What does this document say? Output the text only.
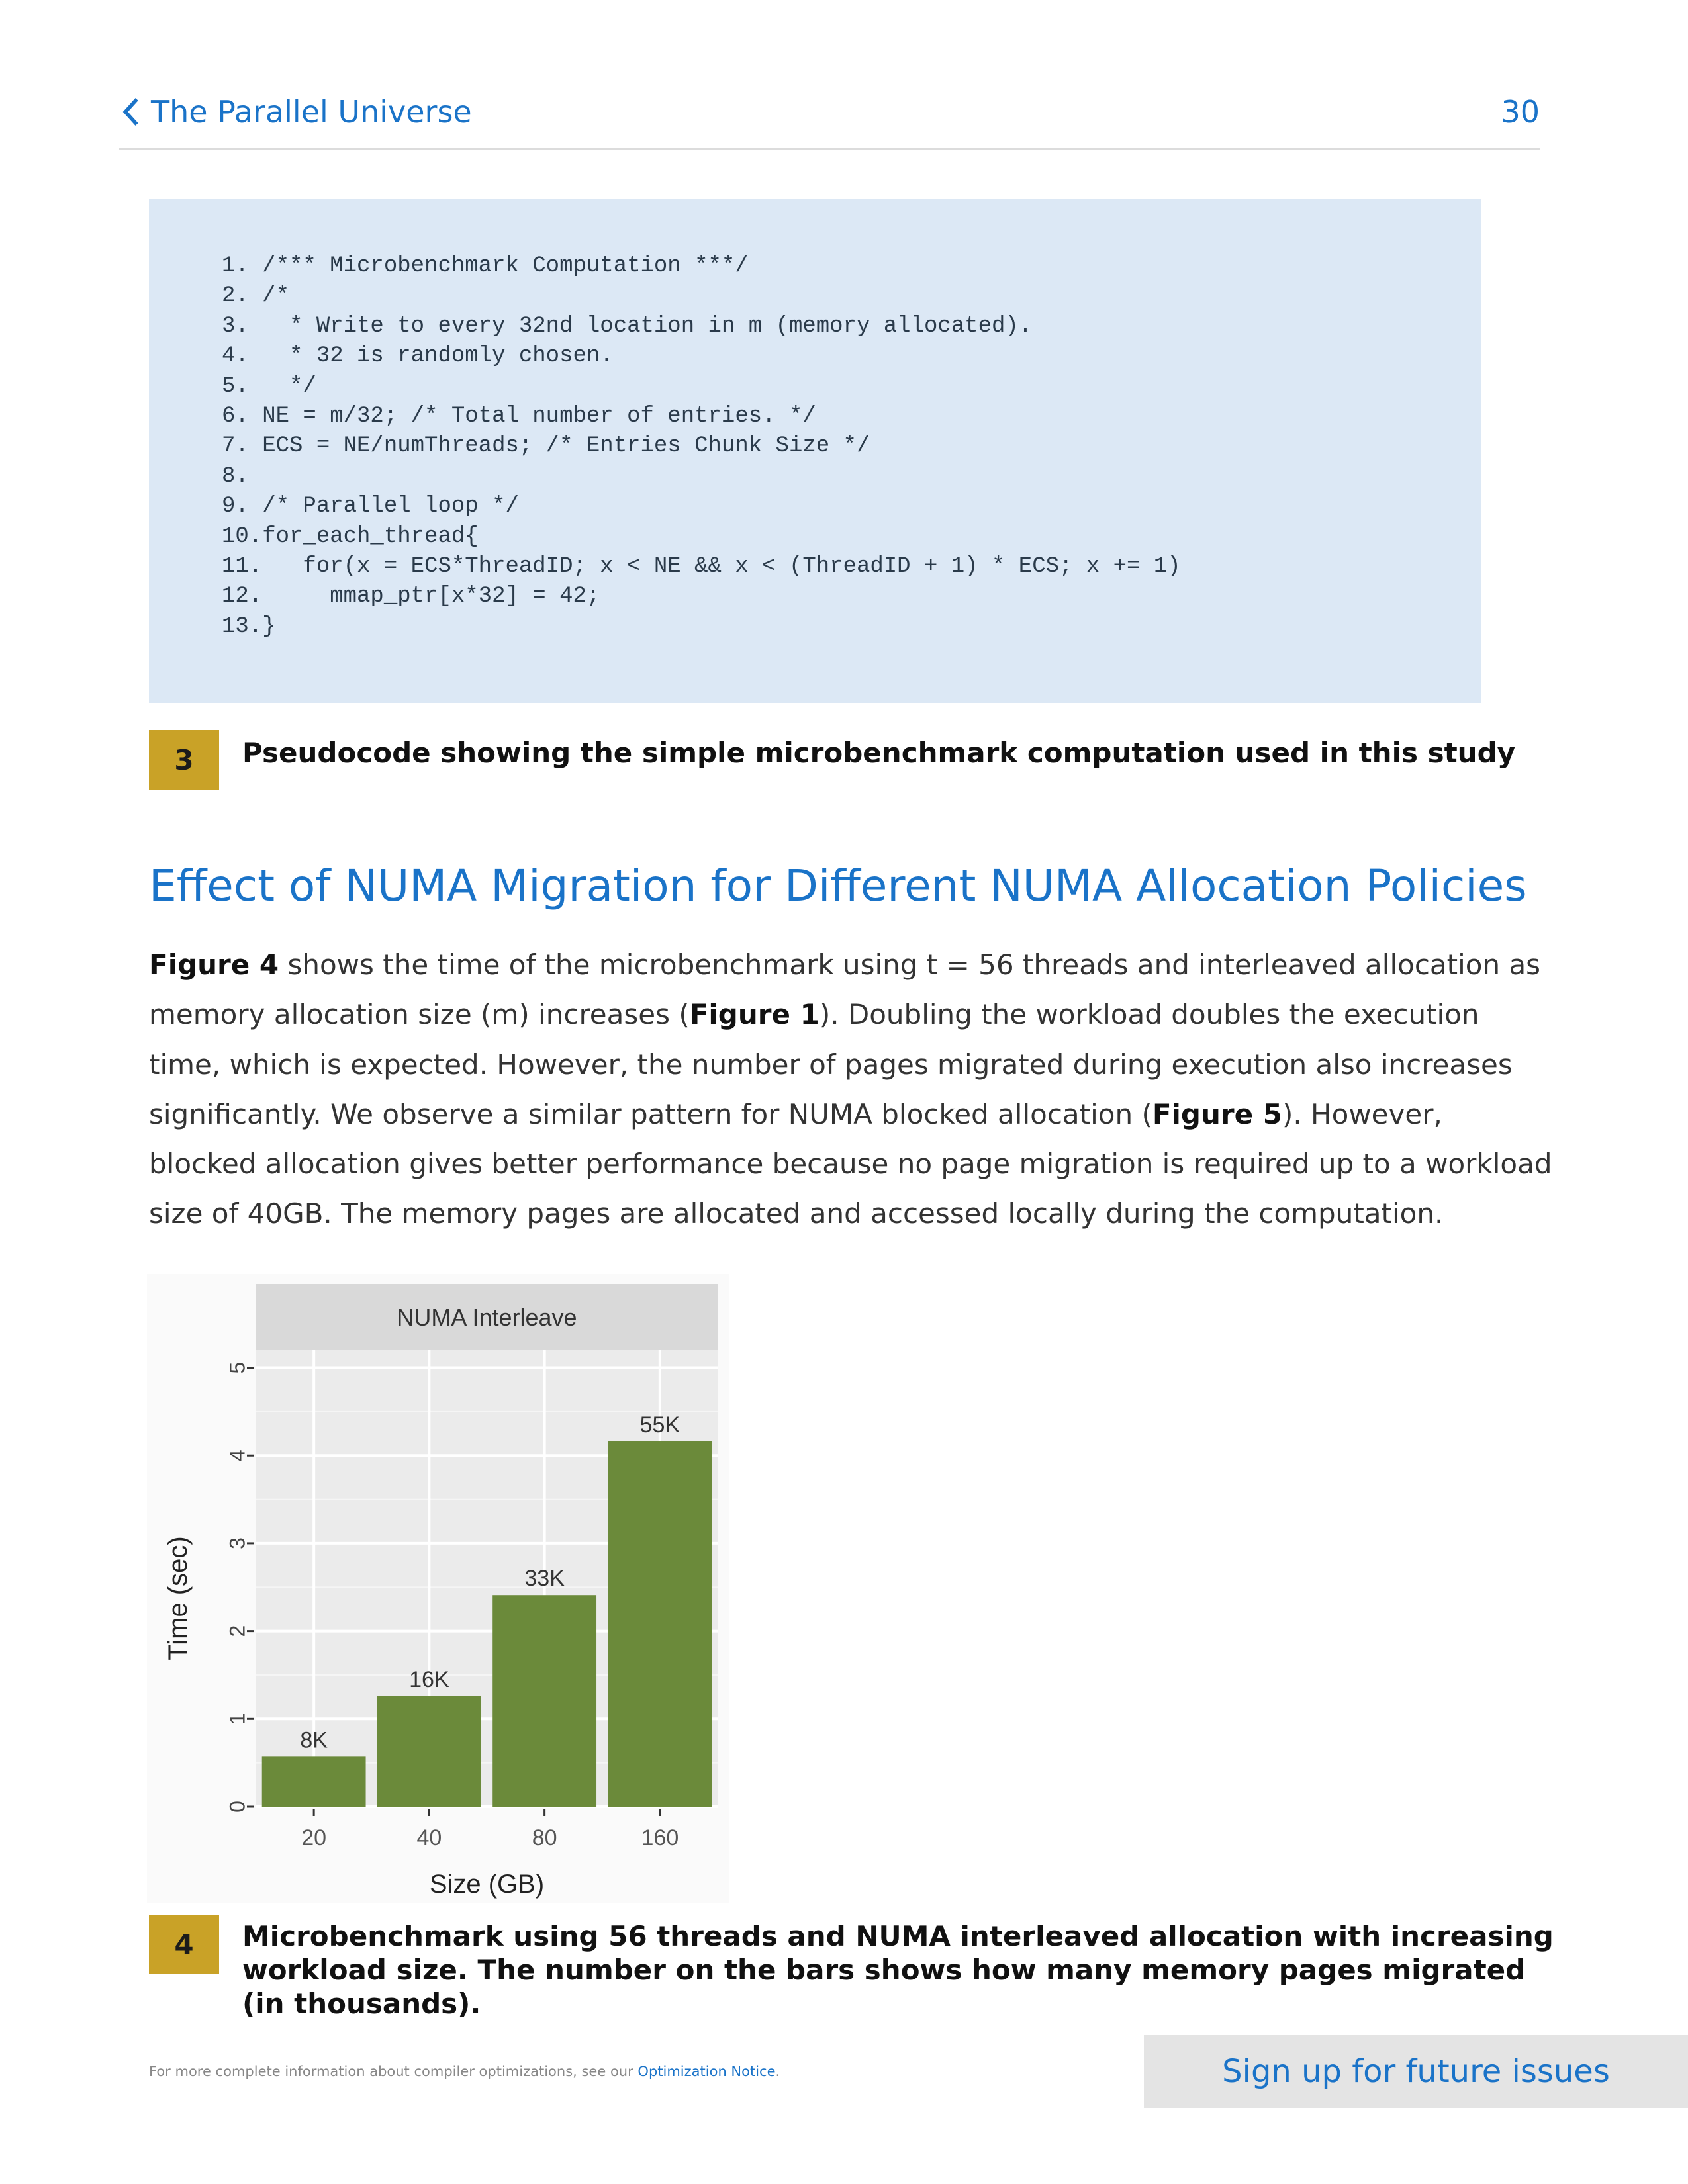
The Parallel Universe	30
1. /*** Microbenchmark Computation ***/
2. /*
3.   * Write to every 32nd location in m (memory allocated).
4.   * 32 is randomly chosen.
5.   */
6. NE = m/32; /* Total number of entries. */
7. ECS = NE/numThreads; /* Entries Chunk Size */
8.
9. /* Parallel loop */
10.for_each_thread{
11.   for(x = ECS*ThreadID; x < NE && x < (ThreadID + 1) * ECS; x += 1)
12.     mmap_ptr[x*32] = 42;
13.}
3	Pseudocode showing the simple microbenchmark computation used in this study
Effect of NUMA Migration for Different NUMA Allocation Policies
Figure 4 shows the time of the microbenchmark using t = 56 threads and interleaved allocation as memory allocation size (m) increases (Figure 1). Doubling the workload doubles the execution time, which is expected. However, the number of pages migrated during execution also increases significantly. We observe a similar pattern for NUMA blocked allocation (Figure 5). However, blocked allocation gives better performance because no page migration is required up to a workload size of 40GB. The memory pages are allocated and accessed locally during the computation.
NUMA Interleave
0
1
2
3
4
5
8K
16K
33K
55K
20	40	80	160
Size (GB)
Time (sec)
4	Microbenchmark using 56 threads and NUMA interleaved allocation with increasing
workload size. The number on the bars shows how many memory pages migrated
(in thousands).
For more complete information about compiler optimizations, see our Optimization Notice.	Sign up for future issues
